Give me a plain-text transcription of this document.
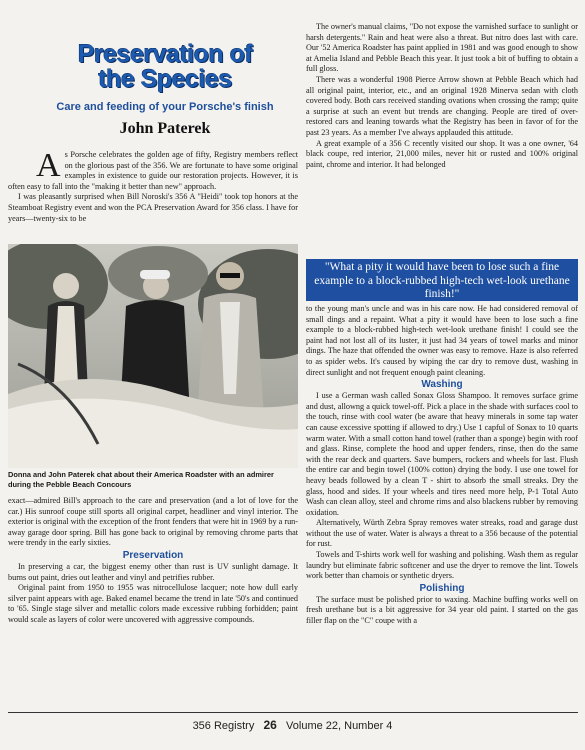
Preservation of the Species
Care and feeding of your Porsche's finish
John Paterek

As Porsche celebrates the golden age of fifty, Registry members reflect on the glorious past of the 356. We are fortunate to have some original examples in existence to guide our restoration projects. However, it is often easy to fall into the "making it better than new" approach.

I was pleasantly surprised when Bill Noroski's 356 A "Heidi" took top honors at the Steamboat Registry event and won the PCA Preservation Award for 356 class. I have for years—twenty-six to be

Donna and John Paterek chat about their America Roadster with an admirer during the Pebble Beach Concours

exact—admired Bill's approach to the care and preservation (and a lot of love for the car.) His sunroof coupe still sports all original carpet, headliner and vinyl interior. The exterior is original with the exception of the front fenders that were hit in 1969 by a run-away garage door spring. Bill has gone back to original by removing chrome parts that were trendy in the early sixties.

Preservation

In preserving a car, the biggest enemy other than rust is UV sunlight damage. It burns out paint, dries out leather and vinyl and petrifies rubber.

Original paint from 1950 to 1955 was nitrocellulose lacquer; note how dull early silver paint appears with age. Baked enamel became the trend in late '50's and continued to '65. Single stage silver and metallic colors made excessive rubbing forbidden; paint would scale as layers of color were uncovered with aggressive compounds.

The owner's manual claims, "Do not expose the varnished surface to sunlight or harsh detergents." Rain and heat were also a threat. But nitro does last with care. Our '52 America Roadster has paint applied in 1981 and was good enough to show at Amelia Island and Pebble Beach this year. It just took a bit of buffing to obtain a full gloss.

There was a wonderful 1908 Pierce Arrow shown at Pebble Beach which had all original paint, interior, etc., and an original 1928 Minerva sedan with cloth covered body. Both cars received standing ovations when crossing the ramp; quite a surprise at such an event but trends are changing. People are tired of over-restored cars and leaning towards what the Registry has been in favor of for the past 23 years. As a member I've always applauded this attitude.

A great example of a 356 C recently visited our shop. It was a one owner, '64 black coupe, red interior, 21,000 miles, never hit or rusted and 100% original paint, chrome and interior. It had belonged

"What a pity it would have been to lose such a fine example to a block-rubbed high-tech wet-look urethane finish!"

to the young man's uncle and was in his care now. He had considered removal of small dings and a repaint. What a pity it would have been to lose such a fine example to a block-rubbed high-tech wet-look urethane finish! I could see the paint had not lost all of its luster, it just had 34 years of towel marks and minor dings. The haze that offended the owner was easy to remove. Haze is also referred to as spider webs. It's caused by wiping the car dry to remove dust, washing in direct sunlight and not frequent enough paint cleaning.

Washing

I use a German wash called Sonax Gloss Shampoo. It removes surface grime and dust, allowng a quick towel-off. Pick a place in the shade with surfaces cool to the touch, rinse with cool water (be aware that heavy minerals in some tap water can cause excessive spotting if allowed to dry.) Use 1 capful of Sonax to 10 quarts warm water. With a small cotton hand towel (rather than a sponge) begin with roof and glass. Rinse, complete the hood and upper fenders, rinse, then do the same with the rear deck and quarters. Save bumpers, rockers and wheels for last. Flush the entire car and begin towel (100% cotton) drying the body. I use one towel for heavy beads followed by a clean T - shirt to absorb the small streaks. Dry the glass, hood and sides. If your wheels and tires need more help, P-1 Total Auto Wash can clean alloy, steel and chrome rims and also blackens rubber by removing oxidation.

Alternatively, Würth Zebra Spray removes water streaks, road and garage dust without the use of water. Water is always a threat to a 356 because of the potential for rust.

Towels and T-shirts work well for washing and polishing. Wash them as regular laundry but eliminate fabric softcener and use the dryer to remove the lint. Towels work better than chamois or synthetic dryers.

Polishing

The surface must be polished prior to waxing. Machine buffing works well on fresh urethane but is a bit aggressive for 34 year old paint. I started on the gas filler flap on the "C" coupe with a

356 Registry 26 Volume 22, Number 4
